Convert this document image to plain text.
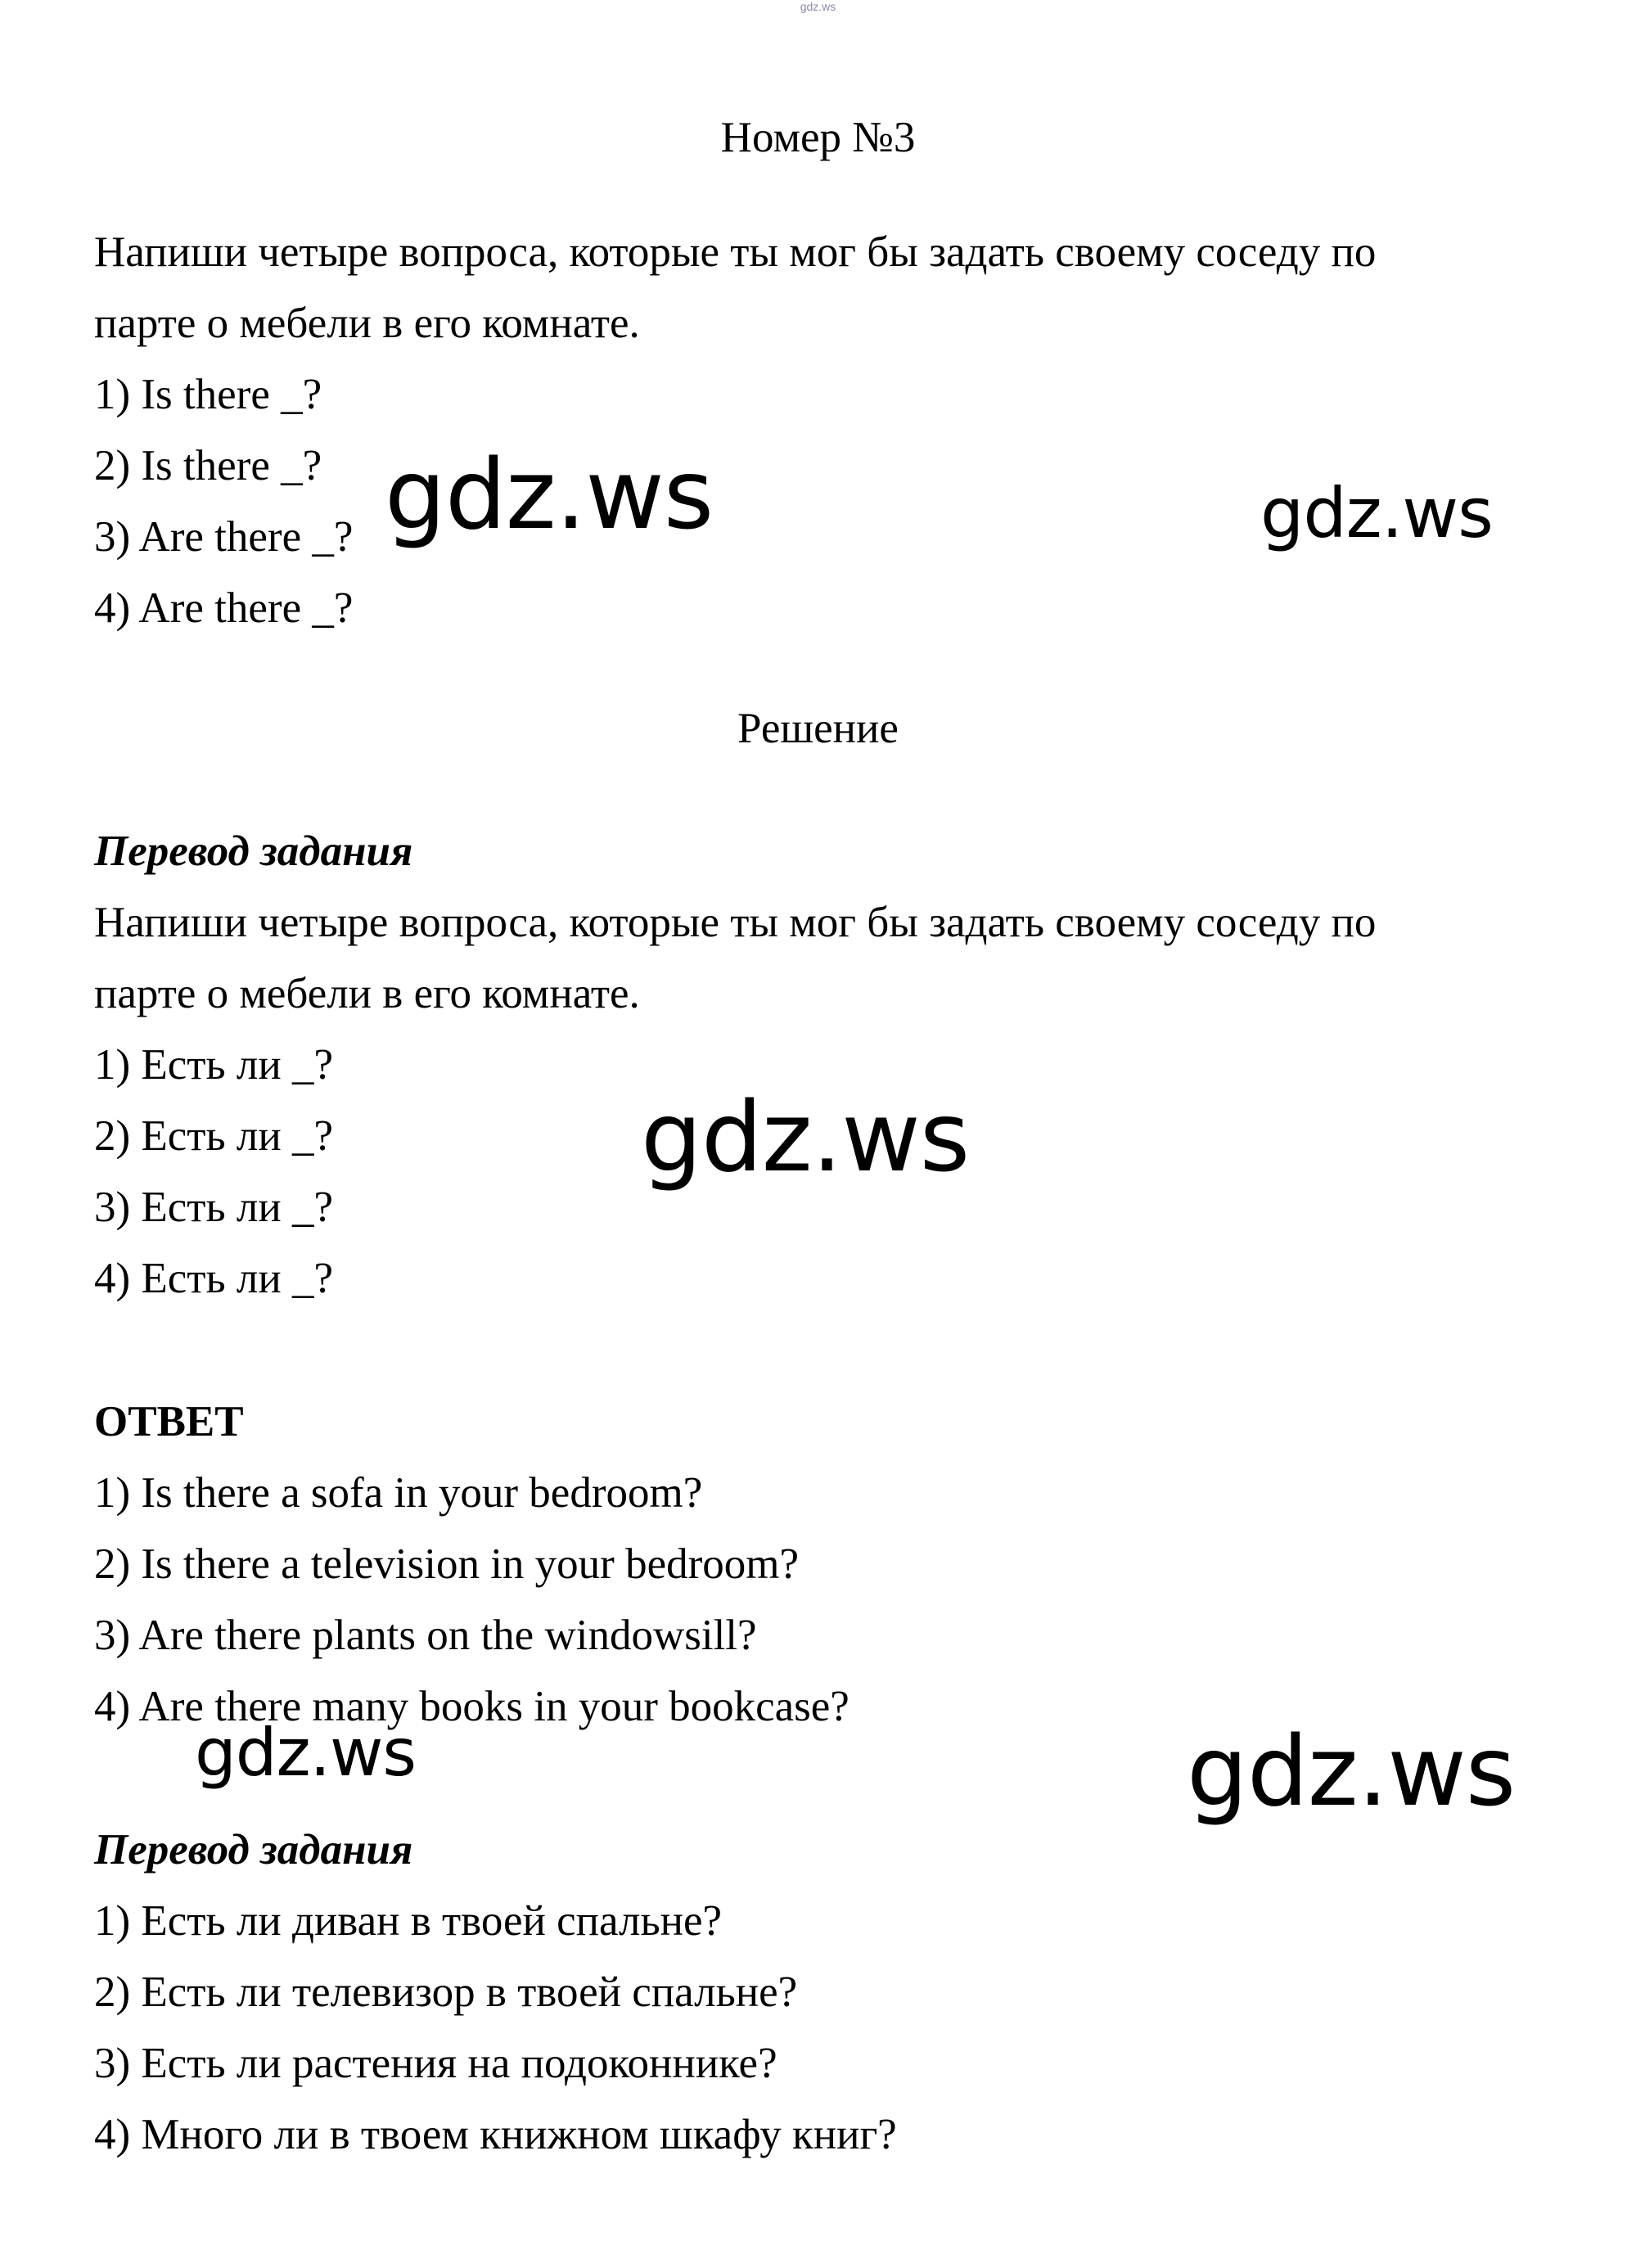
gdz.ws
Номер №3
Напиши четыре вопроса, которые ты мог бы задать своему соседу по
парте о мебели в его комнате.
1) Is there _?
2) Is there _?
3) Are there _?
4) Are there _?
Решение
Перевод задания
Напиши четыре вопроса, которые ты мог бы задать своему соседу по
парте о мебели в его комнате.
1) Есть ли _?
2) Есть ли _?
3) Есть ли _?
4) Есть ли _?
ОТВЕТ
1) Is there a sofa in your bedroom?
2) Is there a television in your bedroom?
3) Are there plants on the windowsill?
4) Are there many books in your bookcase?
Перевод задания
1) Есть ли диван в твоей спальне?
2) Есть ли телевизор в твоей спальне?
3) Есть ли растения на подоконнике?
4) Много ли в твоем книжном шкафу книг?
gdz.ws	gdz.ws
gdz.ws
gdz.ws	gdz.ws
